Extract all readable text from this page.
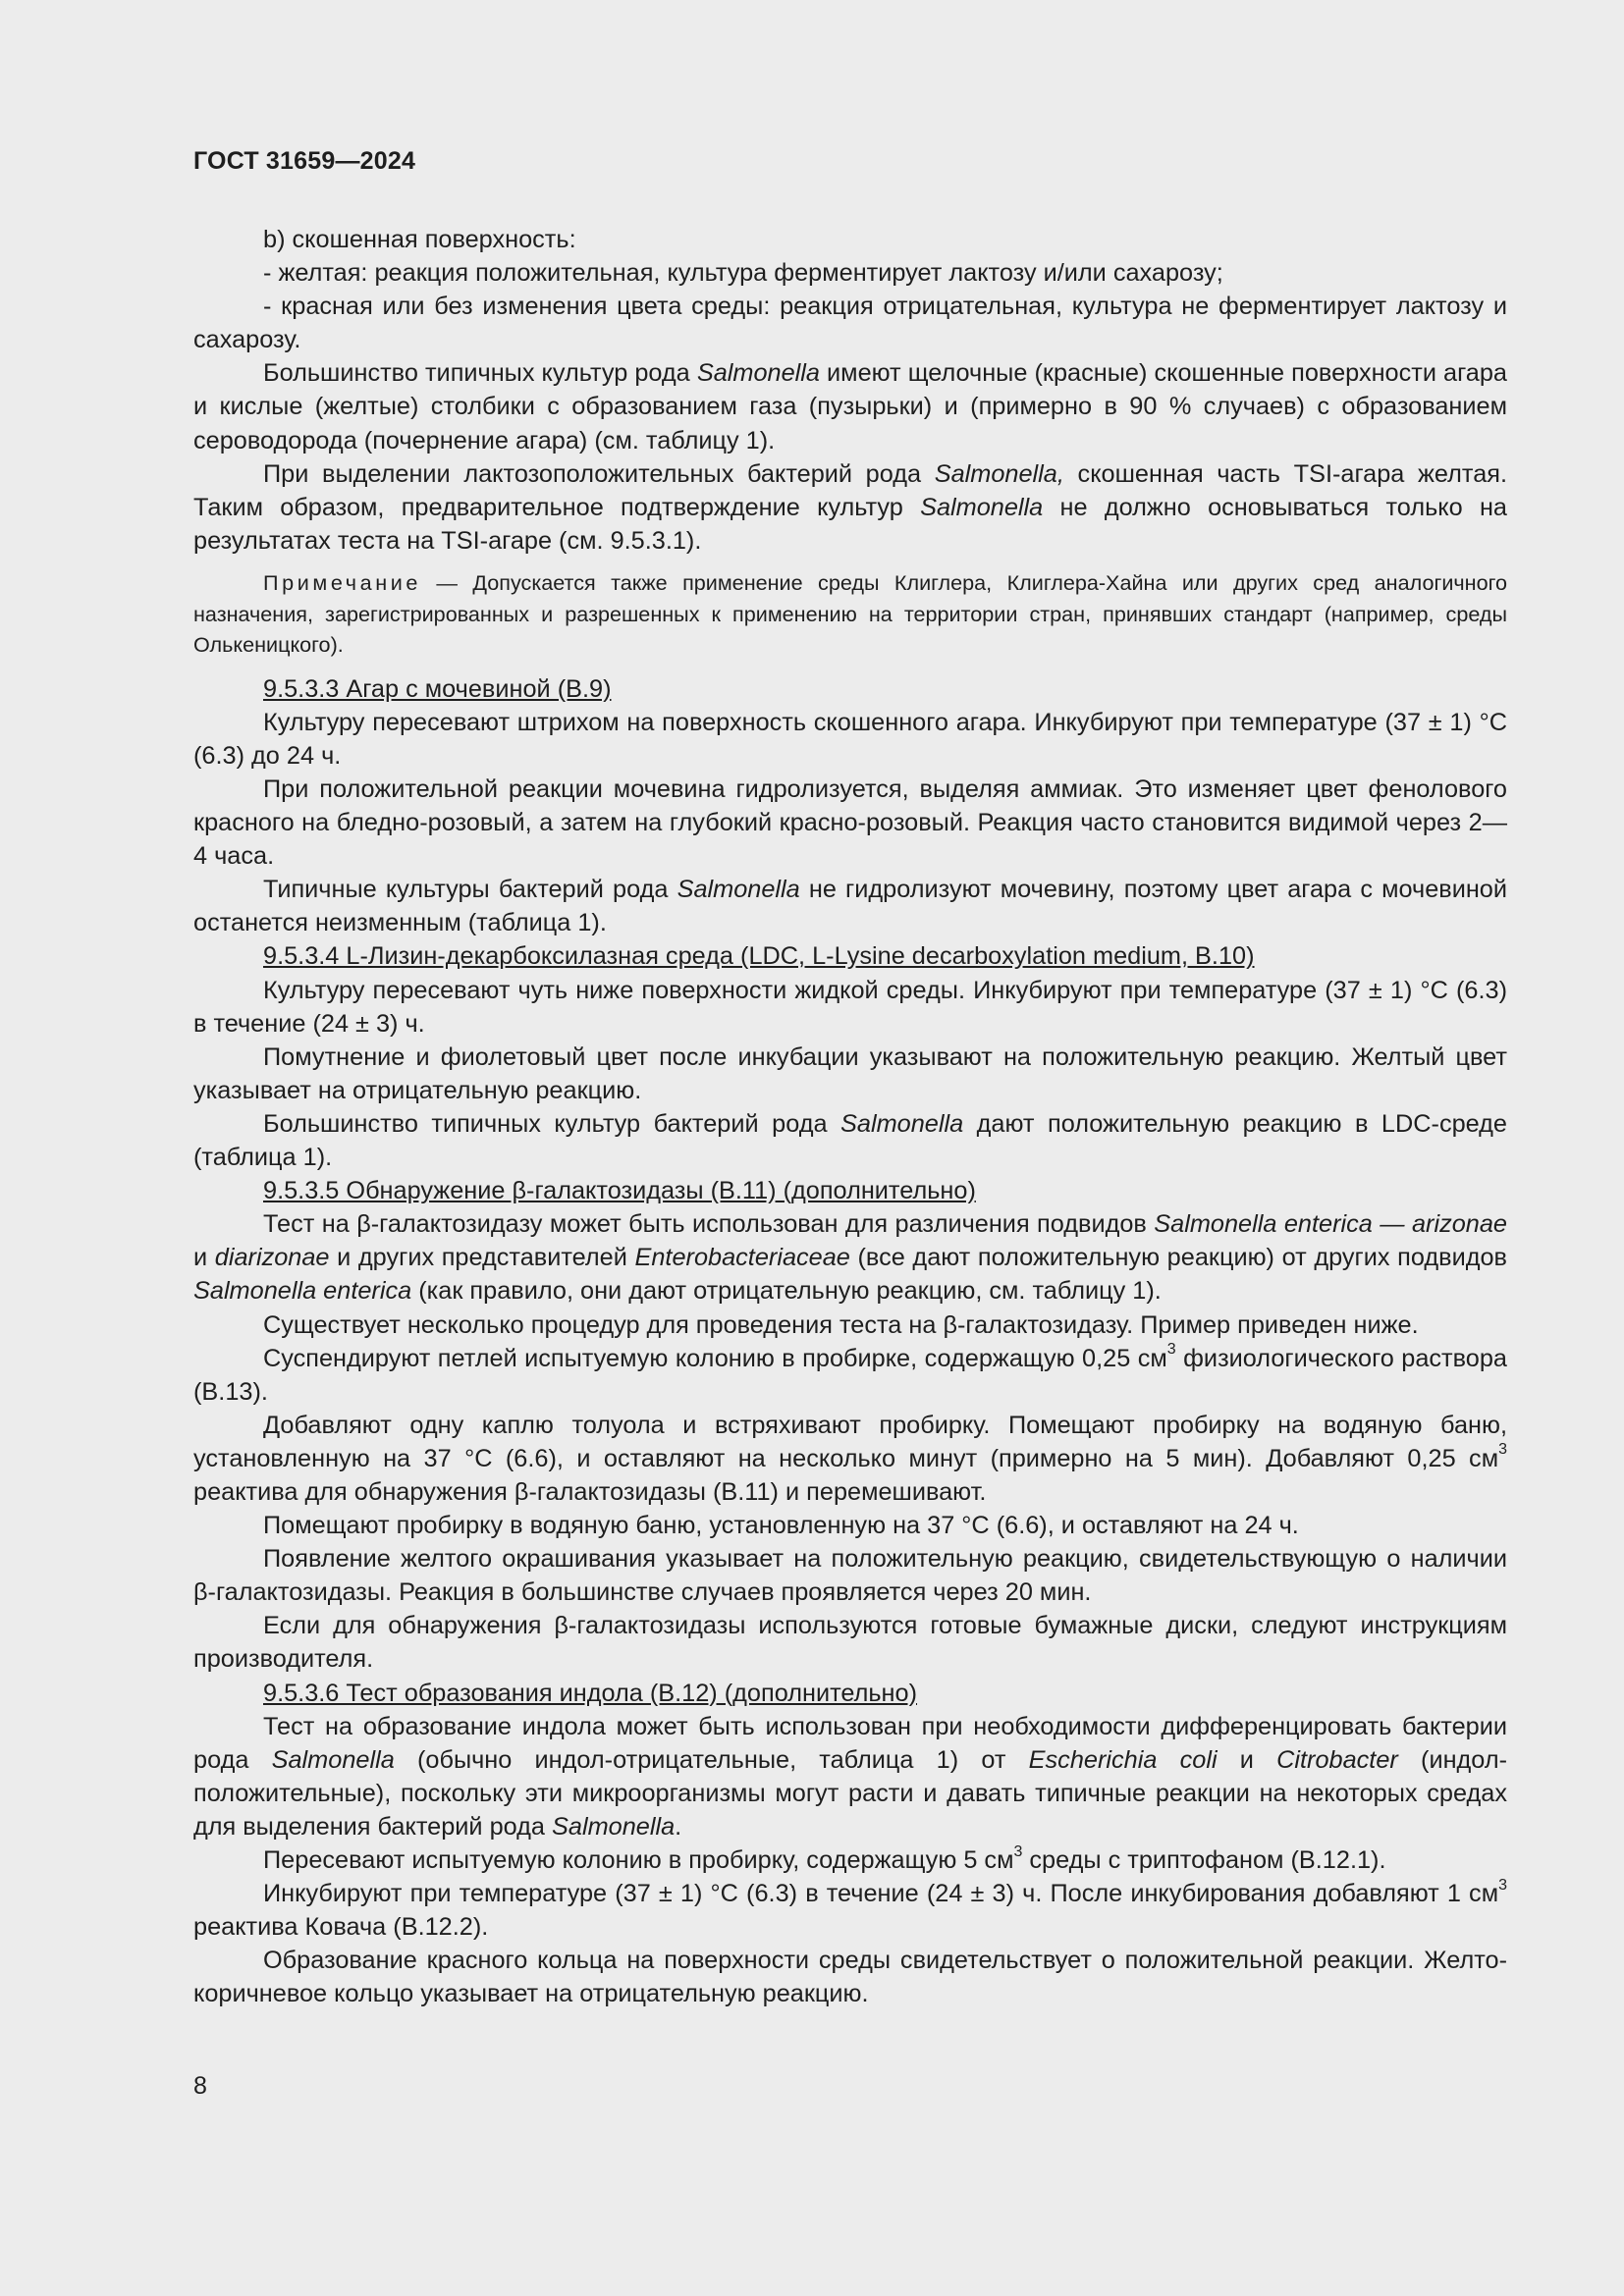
ГОСТ 31659—2024

b) скошенная поверхность:

- желтая: реакция положительная, культура ферментирует лактозу и/или сахарозу;

- красная или без изменения цвета среды: реакция отрицательная, культура не ферментирует лактозу и сахарозу.

Большинство типичных культур рода Salmonella имеют щелочные (красные) скошенные поверхности агара и кислые (желтые) столбики с образованием газа (пузырьки) и (примерно в 90 % случаев) с образованием сероводорода (почернение агара) (см. таблицу 1).

При выделении лактозоположительных бактерий рода Salmonella, скошенная часть TSI-агара желтая. Таким образом, предварительное подтверждение культур Salmonella не должно основываться только на результатах теста на TSI-агаре (см. 9.5.3.1).

Примечание — Допускается также применение среды Клиглера, Клиглера-Хайна или других сред аналогичного назначения, зарегистрированных и разрешенных к применению на территории стран, принявших стандарт (например, среды Олькеницкого).

9.5.3.3 Агар с мочевиной (В.9)

Культуру пересевают штрихом на поверхность скошенного агара. Инкубируют при температуре (37 ± 1) °С (6.3) до 24 ч.

При положительной реакции мочевина гидролизуется, выделяя аммиак. Это изменяет цвет фенолового красного на бледно-розовый, а затем на глубокий красно-розовый. Реакция часто становится видимой через 2—4 часа.

Типичные культуры бактерий рода Salmonella не гидролизуют мочевину, поэтому цвет агара с мочевиной останется неизменным (таблица 1).

9.5.3.4 L-Лизин-декарбоксилазная среда (LDC, L-Lysine decarboxylation medium, В.10)

Культуру пересевают чуть ниже поверхности жидкой среды. Инкубируют при температуре (37 ± 1) °С (6.3) в течение (24 ± 3) ч.

Помутнение и фиолетовый цвет после инкубации указывают на положительную реакцию. Желтый цвет указывает на отрицательную реакцию.

Большинство типичных культур бактерий рода Salmonella дают положительную реакцию в LDC-среде (таблица 1).

9.5.3.5 Обнаружение β-галактозидазы (В.11) (дополнительно)

Тест на β-галактозидазу может быть использован для различения подвидов Salmonella enterica — arizonae и diarizonae и других представителей Enterobacteriaceae (все дают положительную реакцию) от других подвидов Salmonella enterica (как правило, они дают отрицательную реакцию, см. таблицу 1).

Существует несколько процедур для проведения теста на β-галактозидазу. Пример приведен ниже.

Суспендируют петлей испытуемую колонию в пробирке, содержащую 0,25 $см^3$ физиологического раствора (В.13).

Добавляют одну каплю толуола и встряхивают пробирку. Помещают пробирку на водяную баню, установленную на 37 °С (6.6), и оставляют на несколько минут (примерно на 5 мин). Добавляют 0,25 $см^3$ реактива для обнаружения β-галактозидазы (В.11) и перемешивают.

Помещают пробирку в водяную баню, установленную на 37 °С (6.6), и оставляют на 24 ч.

Появление желтого окрашивания указывает на положительную реакцию, свидетельствующую о наличии β-галактозидазы. Реакция в большинстве случаев проявляется через 20 мин.

Если для обнаружения β-галактозидазы используются готовые бумажные диски, следуют инструкциям производителя.

9.5.3.6 Тест образования индола (В.12) (дополнительно)

Тест на образование индола может быть использован при необходимости дифференцировать бактерии рода Salmonella (обычно индол-отрицательные, таблица 1) от Escherichia coli и Citrobacter (индол-положительные), поскольку эти микроорганизмы могут расти и давать типичные реакции на некоторых средах для выделения бактерий рода Salmonella.

Пересевают испытуемую колонию в пробирку, содержащую 5 $см^3$ среды с триптофаном (В.12.1).

Инкубируют при температуре (37 ± 1) °С (6.3) в течение (24 ± 3) ч. После инкубирования добавляют 1 $см^3$ реактива Ковача (В.12.2).

Образование красного кольца на поверхности среды свидетельствует о положительной реакции. Желто-коричневое кольцо указывает на отрицательную реакцию.

8
